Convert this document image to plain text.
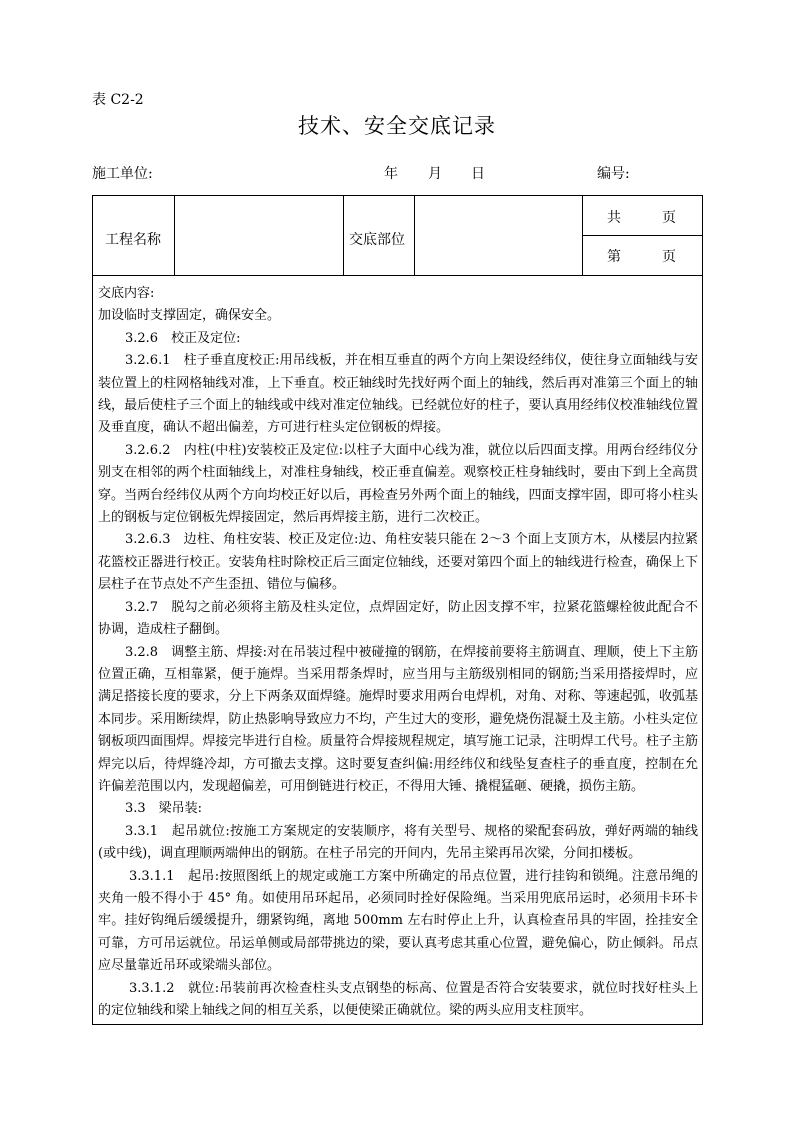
表 C2-2
技术、安全交底记录
施工单位:	年 月 日	编号:
工程名称	交底部位
共	页
第	页

交底内容:

加设临时支撑固定，确保安全。

3.2.6　校正及定位:

3.2.6.1　柱子垂直度校正:用吊线板，并在相互垂直的两个方向上架设经纬仪，使往身立面轴线与安装位置上的柱网格轴线对准，上下垂直。校正轴线时先找好两个面上的轴线，然后再对准第三个面上的轴线，最后使柱子三个面上的轴线或中线对准定位轴线。已经就位好的柱子，要认真用经纬仪校准轴线位置及垂直度，确认不超出偏差，方可进行柱头定位钢板的焊接。

3.2.6.2　内柱(中柱)安装校正及定位:以柱子大面中心线为准，就位以后四面支撑。用两台经纬仪分别支在相邻的两个柱面轴线上，对准柱身轴线，校正垂直偏差。观察校正柱身轴线时，要由下到上全高贯穿。当两台经纬仪从两个方向均校正好以后，再检查另外两个面上的轴线，四面支撑牢固，即可将小柱头上的钢板与定位钢板先焊接固定，然后再焊接主筋，进行二次校正。

3.2.6.3　边柱、角柱安装、校正及定位:边、角柱安装只能在 2～3 个面上支顶方木，从楼层内拉紧花篮校正器进行校正。安装角柱时除校正后三面定位轴线，还要对第四个面上的轴线进行检查，确保上下层柱子在节点处不产生歪扭、错位与偏移。

3.2.7　脱勾之前必须将主筋及柱头定位，点焊固定好，防止因支撑不牢，拉紧花篮螺栓彼此配合不协调，造成柱子翻倒。

3.2.8　调整主筋、焊接:对在吊装过程中被碰撞的钢筋，在焊接前要将主筋调直、理顺，使上下主筋位置正确，互相靠紧，便于施焊。当采用帮条焊时，应当用与主筋级别相同的钢筋;当采用搭接焊时，应满足搭接长度的要求，分上下两条双面焊缝。施焊时要求用两台电焊机，对角、对称、等速起弧，收弧基本同步。采用断续焊，防止热影响导致应力不均，产生过大的变形，避免烧伤混凝土及主筋。小柱头定位钢板项四面围焊。焊接完毕进行自检。质量符合焊接规程规定，填写施工记录，注明焊工代号。柱子主筋焊完以后，待焊缝冷却，方可撤去支撑。这时要复查纠偏:用经纬仪和线坠复查柱子的垂直度，控制在允许偏差范围以内，发现超偏差，可用倒链进行校正，不得用大锤、撬棍猛砸、硬撬，损伤主筋。

3.3　梁吊装:

3.3.1　起吊就位:按施工方案规定的安装顺序，将有关型号、规格的梁配套码放，弹好两端的轴线(或中线)，调直理顺两端伸出的钢筋。在柱子吊完的开间内，先吊主梁再吊次梁，分间扣楼板。

3.3.1.1　起吊:按照图纸上的规定或施工方案中所确定的吊点位置，进行挂钩和锁绳。注意吊绳的夹角一般不得小于 45° 角。如使用吊环起吊，必须同时拴好保险绳。当采用兜底吊运时，必须用卡环卡牢。挂好钩绳后缓缓提升，绷紧钩绳，离地 500mm 左右时停止上升，认真检查吊具的牢固，拴挂安全可靠，方可吊运就位。吊运单侧或局部带挑边的梁，要认真考虑其重心位置，避免偏心，防止倾斜。吊点应尽量靠近吊环或梁端头部位。

3.3.1.2　就位:吊装前再次检查柱头支点钢垫的标高、位置是否符合安装要求，就位时找好柱头上的定位轴线和梁上轴线之间的相互关系，以便使梁正确就位。梁的两头应用支柱顶牢。
